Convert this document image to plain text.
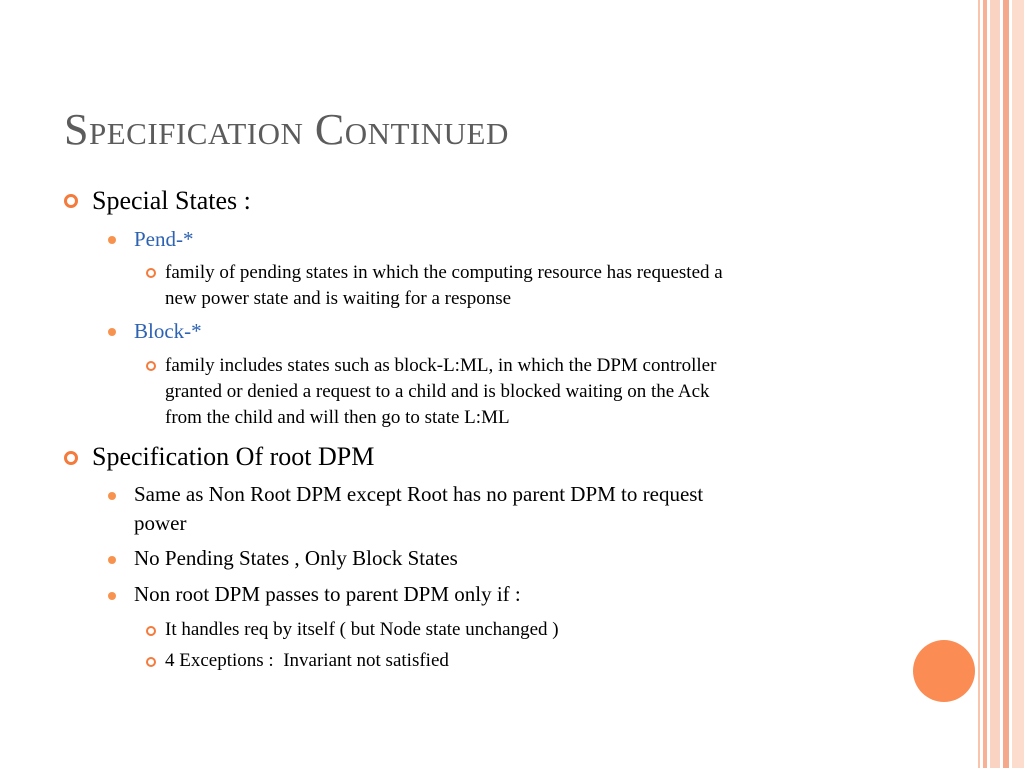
Specification Continued
Special States :
Pend-*
family of pending states in which the computing resource has requested a
new power state and is waiting for a response
Block-*
family includes states such as block-L:ML, in which the DPM controller
granted or denied a request to a child and is blocked waiting on the Ack
from the child and will then go to state L:ML
Specification Of root DPM
Same as Non Root DPM except Root has no parent DPM to request
power
No Pending States , Only Block States
Non root DPM passes to parent DPM only if :
It handles req by itself ( but Node state unchanged )
4 Exceptions :  Invariant not satisfied
